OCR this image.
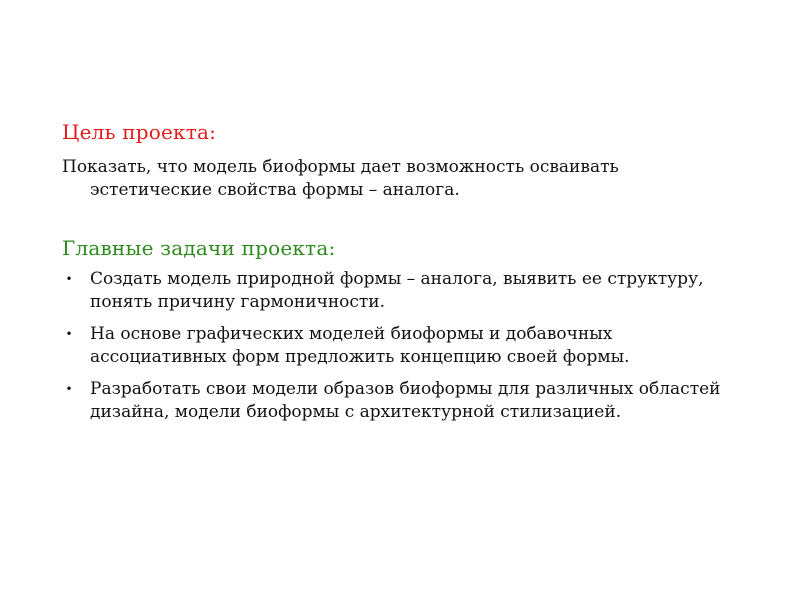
Цель проекта:

Показать, что модель биоформы дает возможность осваивать эстетические свойства формы – аналога.

Главные задачи проекта:
• Создать модель природной формы – аналога, выявить ее структуру, понять причину гармоничности.
• На основе графических моделей биоформы и добавочных ассоциативных форм предложить концепцию своей формы.
• Разработать свои модели образов биоформы для различных областей дизайна, модели биоформы с архитектурной стилизацией.
